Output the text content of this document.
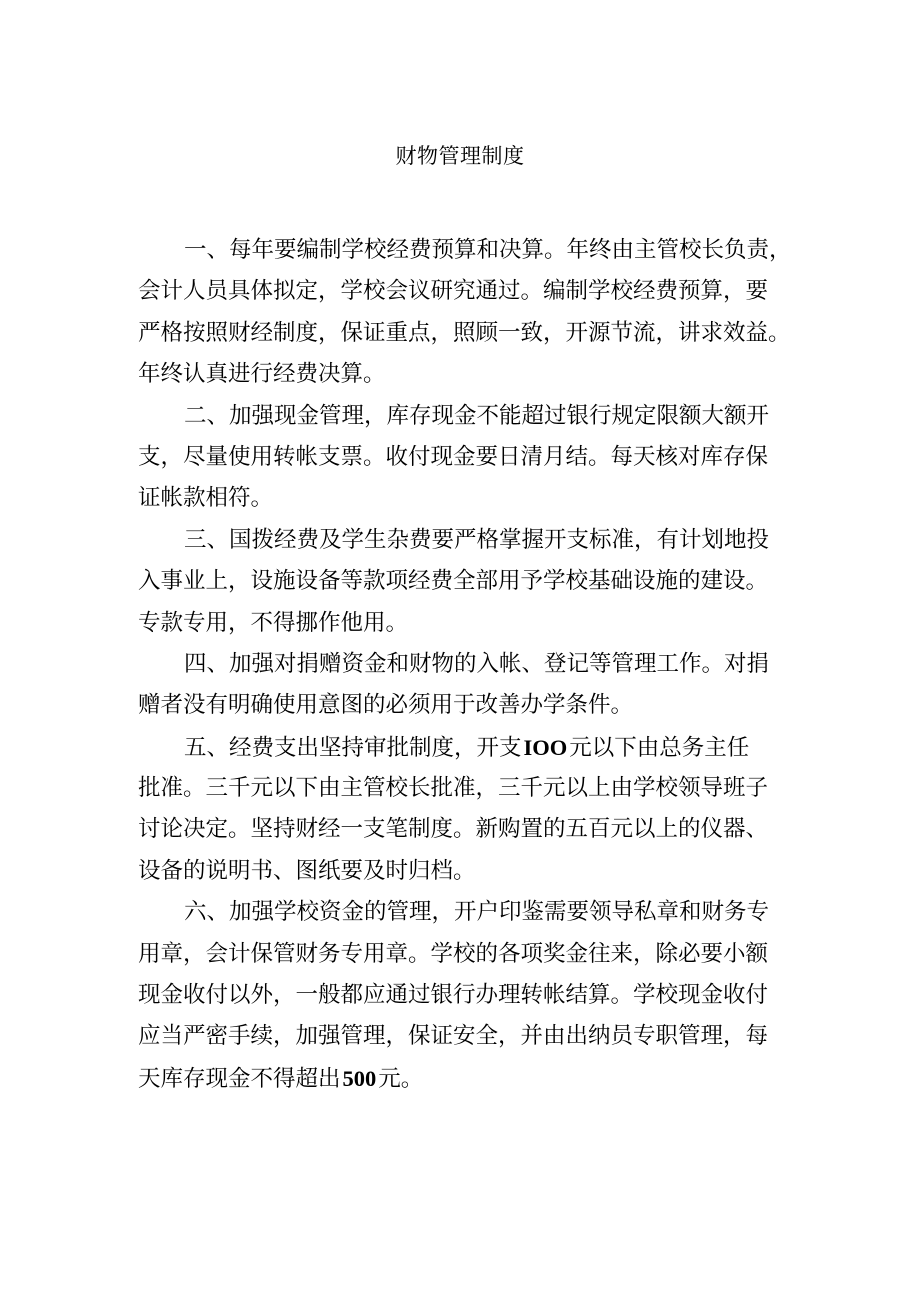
财物管理制度
一、每年要编制学校经费预算和决算。年终由主管校长负责，
会计人员具体拟定，学校会议研究通过。编制学校经费预算，要
严格按照财经制度，保证重点，照顾一致，开源节流，讲求效益。
年终认真进行经费决算。
二、加强现金管理，库存现金不能超过银行规定限额大额开
支，尽量使用转帐支票。收付现金要日清月结。每天核对库存保
证帐款相符。
三、国拨经费及学生杂费要严格掌握开支标准，有计划地投
入事业上，设施设备等款项经费全部用予学校基础设施的建设。
专款专用，不得挪作他用。
四、加强对捐赠资金和财物的入帐、登记等管理工作。对捐
赠者没有明确使用意图的必须用于改善办学条件。
五、经费支出坚持审批制度，开支IOO元以下由总务主任
批准。三千元以下由主管校长批准，三千元以上由学校领导班子
讨论决定。坚持财经一支笔制度。新购置的五百元以上的仪器、
设备的说明书、图纸要及时归档。
六、加强学校资金的管理，开户印鉴需要领导私章和财务专
用章，会计保管财务专用章。学校的各项奖金往来，除必要小额
现金收付以外，一般都应通过银行办理转帐结算。学校现金收付
应当严密手续，加强管理，保证安全，并由出纳员专职管理，每
天库存现金不得超出500元。
